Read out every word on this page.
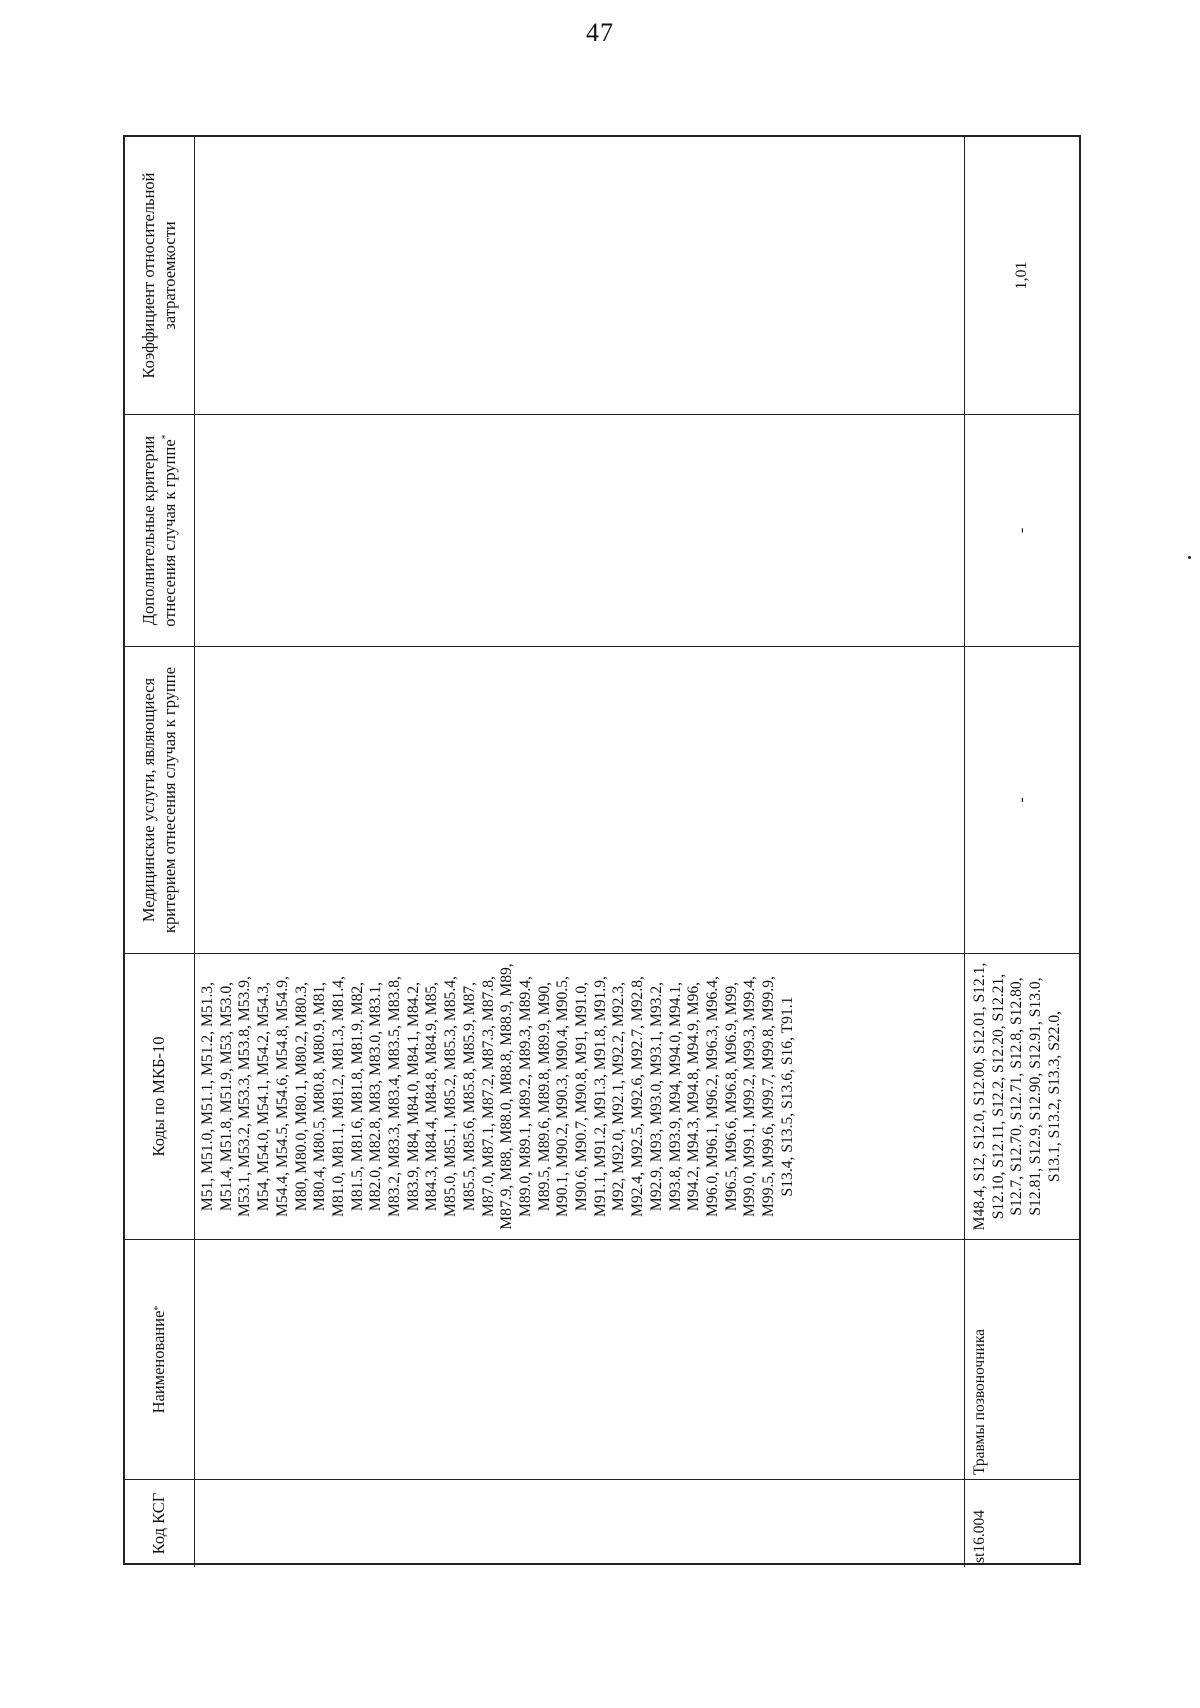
47
Код КСГ
Наименование
*
Коды по МКБ-10
Медицинские услуги, являющиеся критерием отнесения случая к группе
Дополнительные критерии отнесения случая к группе*
Коэффициент относительной затратоемкости
M51, M51.0, M51.1, M51.2, M51.3, M51.4, M51.8, M51.9, M53, M53.0, M53.1, M53.2, M53.3, M53.8, M53.9, M54, M54.0, M54.1, M54.2, M54.3, M54.4, M54.5, M54.6, M54.8, M54.9, M80, M80.0, M80.1, M80.2, M80.3, M80.4, M80.5, M80.8, M80.9, M81, M81.0, M81.1, M81.2, M81.3, M81.4, M81.5, M81.6, M81.8, M81.9, M82, M82.0, M82.8, M83, M83.0, M83.1, M83.2, M83.3, M83.4, M83.5, M83.8, M83.9, M84, M84.0, M84.1, M84.2, M84.3, M84.4, M84.8, M84.9, M85, M85.0, M85.1, M85.2, M85.3, M85.4, M85.5, M85.6, M85.8, M85.9, M87, M87.0, M87.1, M87.2, M87.3, M87.8, M87.9, M88, M88.0, M88.8, M88.9, M89, M89.0, M89.1, M89.2, M89.3, M89.4, M89.5, M89.6, M89.8, M89.9, M90, M90.1, M90.2, M90.3, M90.4, M90.5, M90.6, M90.7, M90.8, M91, M91.0, M91.1, M91.2, M91.3, M91.8, M91.9, M92, M92.0, M92.1, M92.2, M92.3, M92.4, M92.5, M92.6, M92.7, M92.8, M92.9, M93, M93.0, M93.1, M93.2, M93.8, M93.9, M94, M94.0, M94.1, M94.2, M94.3, M94.8, M94.9, M96, M96.0, M96.1, M96.2, M96.3, M96.4, M96.5, M96.6, M96.8, M96.9, M99, M99.0, M99.1, M99.2, M99.3, M99.4, M99.5, M99.6, M99.7, M99.8, M99.9, S13.4, S13.5, S13.6, S16, T91.1
st16.004
Травмы позвоночника
M48.4, S12, S12.0, S12.00, S12.01, S12.1, S12.10, S12.11, S12.2, S12.20, S12.21, S12.7, S12.70, S12.71, S12.8, S12.80, S12.81, S12.9, S12.90, S12.91, S13.0, S13.1, S13.2, S13.3, S22.0,
-
-
1,01
